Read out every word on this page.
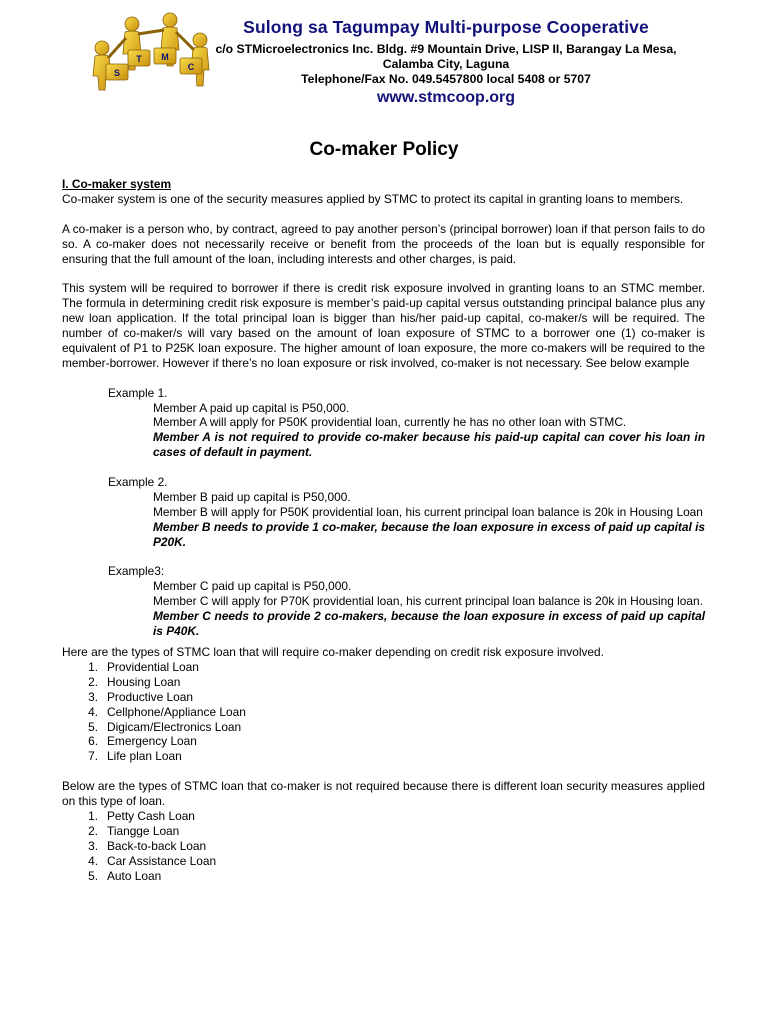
S
T M
C
Sulong sa Tagumpay Multi-purpose Cooperative
c/o STMicroelectronics Inc. Bldg. #9 Mountain Drive, LISP II, Barangay La Mesa,
Calamba City, Laguna
Telephone/Fax No. 049.5457800 local 5408 or 5707
www.stmcoop.org
Co-maker Policy

I. Co-maker system

Co-maker system is one of the security measures applied by STMC to protect its capital in granting loans to members.

A co-maker is a person who, by contract, agreed to pay another person’s (principal borrower) loan if that person fails to do so. A co-maker does not necessarily receive or benefit from the proceeds of the loan but is equally responsible for ensuring that the full amount of the loan, including interests and other charges, is paid.

This system will be required to borrower if there is credit risk exposure involved in granting loans to an STMC member. The formula in determining credit risk exposure is member’s paid-up capital versus outstanding principal balance plus any new loan application. If the total principal loan is bigger than his/her paid-up capital, co-maker/s will be required. The number of co-maker/s will vary based on the amount of loan exposure of STMC to a borrower one (1) co-maker is equivalent of P1 to P25K loan exposure. The higher amount of loan exposure, the more co-makers will be required to the member-borrower. However if there’s no loan exposure or risk involved, co-maker is not necessary. See below example

Example 1.

Member A paid up capital is P50,000.

Member A will apply for P50K providential loan, currently he has no other loan with STMC.

Member A is not required to provide co-maker because his paid-up capital can cover his loan in cases of default in payment.

Example 2.

Member B paid up capital is P50,000.

Member B will apply for P50K providential loan, his current principal loan balance is 20k in Housing Loan

Member B needs to provide 1 co-maker, because the loan exposure in excess of paid up capital is P20K.

Example3:

Member C paid up capital is P50,000.

Member C will apply for P70K providential loan, his current principal loan balance is 20k in Housing loan.

Member C needs to provide 2 co-makers, because the loan exposure in excess of paid up capital is P40K.

Here are the types of STMC loan that will require co-maker depending on credit risk exposure involved.

1. Providential Loan
2. Housing Loan
3. Productive Loan
4. Cellphone/Appliance Loan
5. Digicam/Electronics Loan
6. Emergency Loan
7. Life plan Loan

Below are the types of STMC loan that co-maker is not required because there is different loan security measures applied on this type of loan.

1. Petty Cash Loan
2. Tiangge Loan
3. Back-to-back Loan
4. Car Assistance Loan
5. Auto Loan
